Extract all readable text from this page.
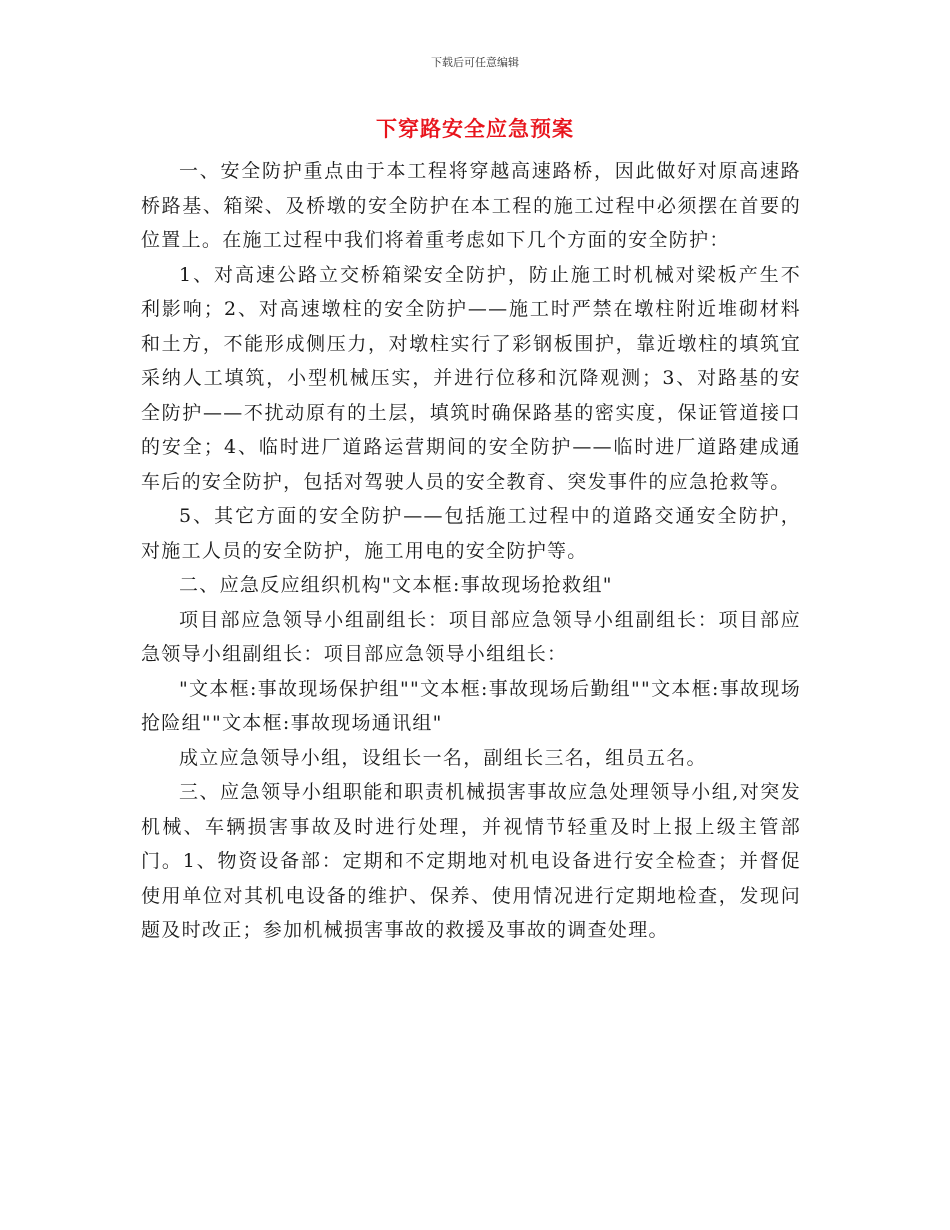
下载后可任意编辑
下穿路安全应急预案

一、安全防护重点由于本工程将穿越高速路桥，因此做好对原高速路桥路基、箱梁、及桥墩的安全防护在本工程的施工过程中必须摆在首要的位置上。在施工过程中我们将着重考虑如下几个方面的安全防护：

1、对高速公路立交桥箱梁安全防护，防止施工时机械对梁板产生不利影响；2、对高速墩柱的安全防护——施工时严禁在墩柱附近堆砌材料和土方，不能形成侧压力，对墩柱实行了彩钢板围护，靠近墩柱的填筑宜采纳人工填筑，小型机械压实，并进行位移和沉降观测；3、对路基的安全防护——不扰动原有的土层，填筑时确保路基的密实度，保证管道接口的安全；4、临时进厂道路运营期间的安全防护——临时进厂道路建成通车后的安全防护，包括对驾驶人员的安全教育、突发事件的应急抢救等。

5、其它方面的安全防护——包括施工过程中的道路交通安全防护，对施工人员的安全防护，施工用电的安全防护等。

二、应急反应组织机构"文本框:事故现场抢救组"

项目部应急领导小组副组长：项目部应急领导小组副组长：项目部应急领导小组副组长：项目部应急领导小组组长：

"文本框:事故现场保护组""文本框:事故现场后勤组""文本框:事故现场抢险组""文本框:事故现场通讯组"

成立应急领导小组，设组长一名，副组长三名，组员五名。

三、应急领导小组职能和职责机械损害事故应急处理领导小组,对突发机械、车辆损害事故及时进行处理，并视情节轻重及时上报上级主管部门。1、物资设备部：定期和不定期地对机电设备进行安全检查；并督促使用单位对其机电设备的维护、保养、使用情况进行定期地检查，发现问题及时改正；参加机械损害事故的救援及事故的调查处理。
